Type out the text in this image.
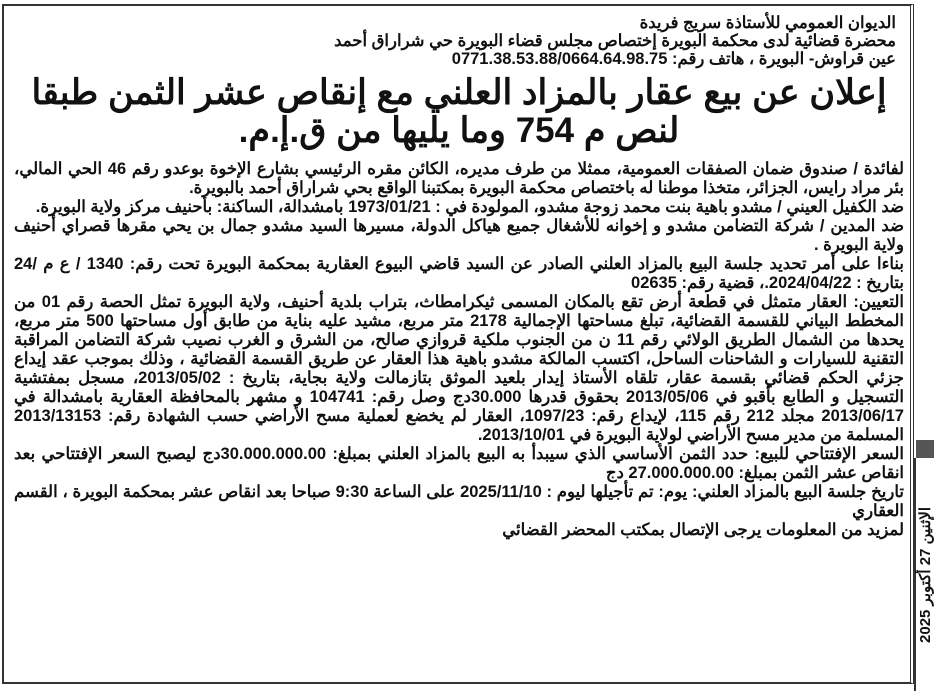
الديوان العمومي للأستاذة سريج فريدة
محضرة قضائية لدى محكمة البويرة إختصاص مجلس قضاء البويرة حي شراراق أحمد
عين قراوش- البويرة ، هاتف رقم: 0771.38.53.88/0664.64.98.75
إعلان عن بيع عقار بالمزاد العلني مع إنقاص عشر الثمن طبقا
لنص م 754 وما يليها من ق.إ.م.
لفائدة / صندوق ضمان الصفقات العمومية، ممثلا من طرف مديره، الكائن مقره الرئيسي بشارع الإخوة بوعدو رقم 46 الحي المالي، بئر مراد رايس، الجزائر، متخذا موطنا له باختصاص محكمة البويرة بمكتبنا الواقع بحي شراراق أحمد بالبويرة.
ضد الكفيل العيني / مشدو باهية بنت محمد زوجة مشدو، المولودة في : 1973/01/21 بامشدالة، الساكنة: بأحنيف مركز ولاية البويرة.
ضد المدين / شركة التضامن مشدو و إخوانه للأشغال جميع هياكل الدولة، مسيرها السيد مشدو جمال بن يحي مقرها قصراي أحنيف ولاية البويرة .
بناءا على أمر تحديد جلسة البيع بالمزاد العلني الصادر عن السيد قاضي البيوع العقارية بمحكمة البويرة تحت رقم: 1340 / ع م /24 بتاريخ : 2024/04/22.، قضية رقم: 02635
التعيين: العقار متمثل في قطعة أرض تقع بالمكان المسمى ثيكرامطاث، بتراب بلدية أحنيف، ولاية البويرة تمثل الحصة رقم 01 من المخطط البياني للقسمة القضائية، تبلغ مساحتها الإجمالية 2178 متر مربع، مشيد عليه بناية من طابق أول مساحتها 500 متر مربع، يحدها من الشمال الطريق الولائي رقم 11 ن من الجنوب ملكية قروازي صالح، من الشرق و الغرب نصيب شركة التضامن المراقبة التقنية للسيارات و الشاحنات الساحل، اكتسب المالكة مشدو باهية هذا العقار عن طريق القسمة القضائية ، وذلك بموجب عقد إيداع جزئي الحكم قضائي بقسمة عقار، تلقاه الأستاذ إيدار بلعيد الموثق بتازمالت ولاية بجاية، بتاريخ : 2013/05/02، مسجل بمفتشية التسجيل و الطابع بأقبو في 2013/05/06 بحقوق قدرها 30.000دج وصل رقم: 104741 و مشهر بالمحافظة العقارية بامشدالة في 2013/06/17 مجلد 212 رقم 115، لإيداع رقم: 1097/23، العقار لم يخضع لعملية مسح الأراضي حسب الشهادة رقم: 2013/13153 المسلمة من مدير مسح الأراضي لولاية البويرة في 2013/10/01.
السعر الإفتتاحي للبيع: حدد الثمن الأساسي الذي سيبدأ به البيع بالمزاد العلني بمبلغ: 30.000.000.00دج ليصبح السعر الإفتتاحي بعد انقاص عشر الثمن بمبلغ: 27.000.000.00 دج
تاريخ جلسة البيع بالمزاد العلني: يوم: تم تأجيلها ليوم : 2025/11/10 على الساعة 9:30 صباحا بعد انقاص عشر بمحكمة البويرة ، القسم العقاري
لمزيد من المعلومات يرجى الإتصال بمكتب المحضر القضائي
الإثنين 27 أكتوبر 2025
